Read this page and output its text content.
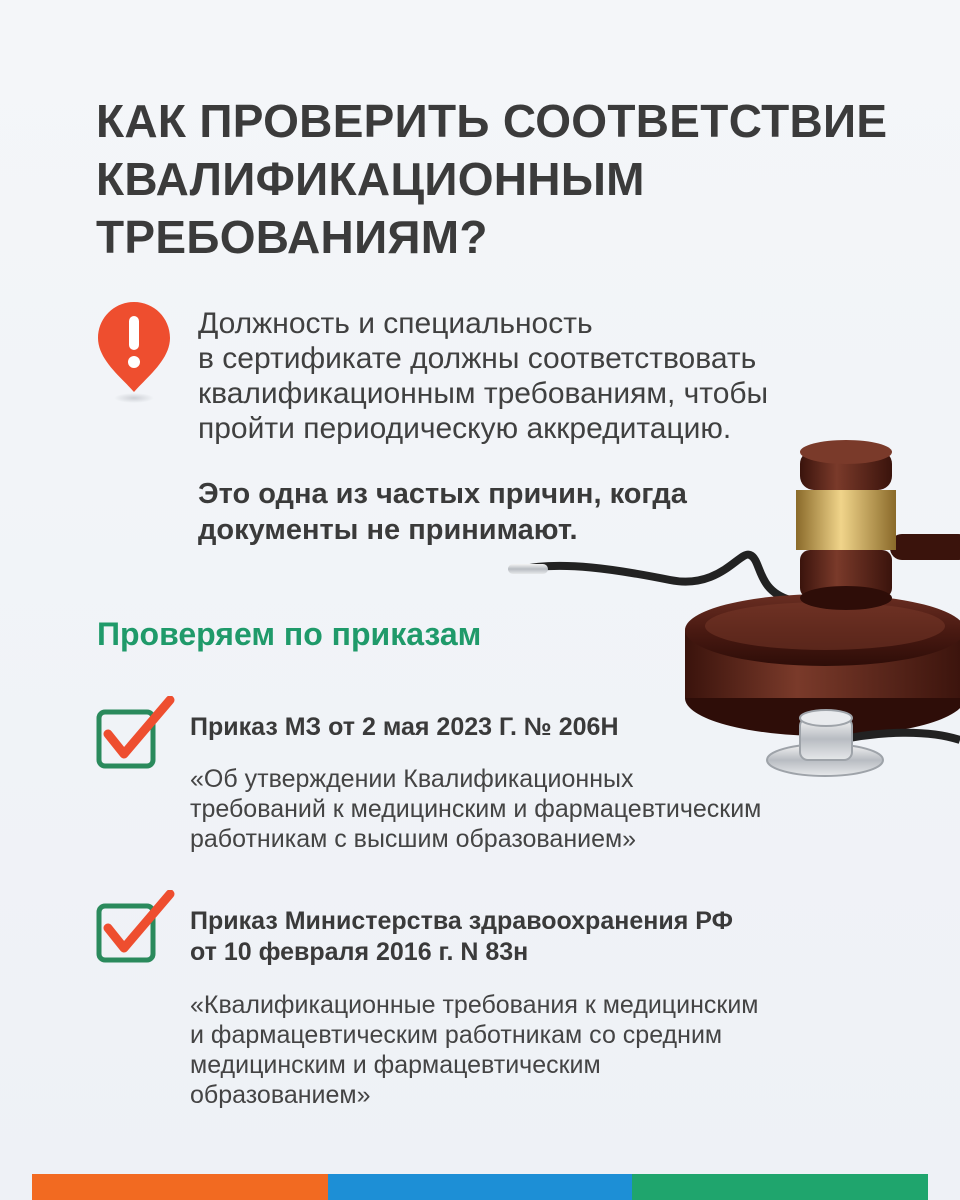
КАК ПРОВЕРИТЬ СООТВЕТСТВИЕ
КВАЛИФИКАЦИОННЫМ
ТРЕБОВАНИЯМ?

Должность и специальность
в сертификате должны соответствовать
квалификационным требованиям, чтобы
пройти периодическую аккредитацию.

Это одна из частых причин, когда
документы не принимают.

Проверяем по приказам

Приказ МЗ от 2 мая 2023 Г. № 206Н

«Об утверждении Квалификационных
требований к медицинским и фармацевтическим
работникам с высшим образованием»

Приказ Министерства здравоохранения РФ
от 10 февраля 2016 г. N 83н

«Квалификационные требования к медицинским
и фармацевтическим работникам со средним
медицинским и фармацевтическим
образованием»
